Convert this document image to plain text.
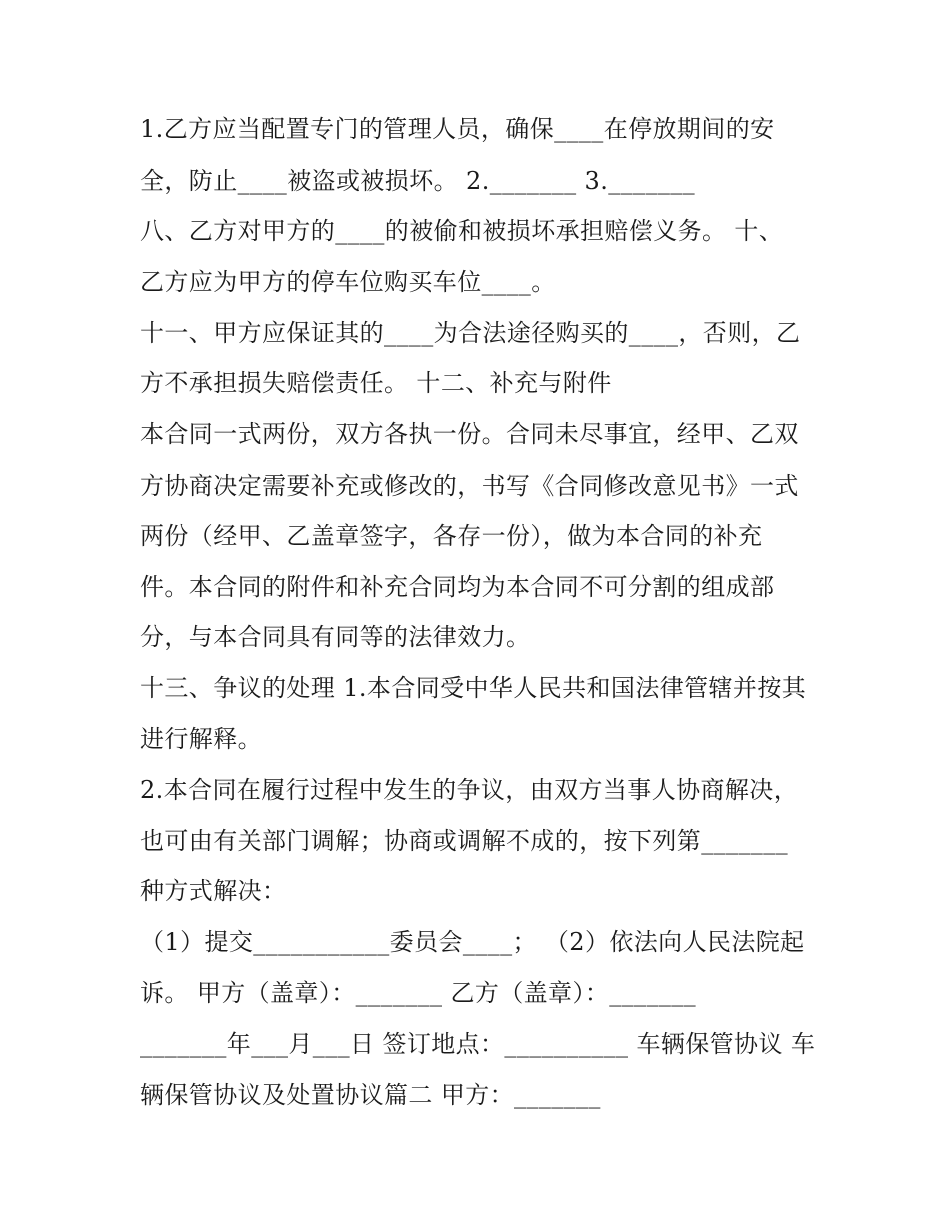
1.乙方应当配置专门的管理人员，确保____在停放期间的安
全，防止____被盗或被损坏。 2._______ 3._______
八、乙方对甲方的____的被偷和被损坏承担赔偿义务。 十、
乙方应为甲方的停车位购买车位____。
十一、甲方应保证其的____为合法途径购买的____，否则，乙
方不承担损失赔偿责任。 十二、补充与附件
本合同一式两份，双方各执一份。合同未尽事宜，经甲、乙双
方协商决定需要补充或修改的，书写《合同修改意见书》一式
两份（经甲、乙盖章签字，各存一份），做为本合同的补充
件。本合同的附件和补充合同均为本合同不可分割的组成部
分，与本合同具有同等的法律效力。
十三、争议的处理 1.本合同受中华人民共和国法律管辖并按其
进行解释。
2.本合同在履行过程中发生的争议，由双方当事人协商解决，
也可由有关部门调解；协商或调解不成的，按下列第_______
种方式解决：
（1）提交___________委员会____； （2）依法向人民法院起
诉。 甲方（盖章）：_______ 乙方（盖章）：_______
_______年___月___日 签订地点：__________ 车辆保管协议 车
辆保管协议及处置协议篇二 甲方：_______
